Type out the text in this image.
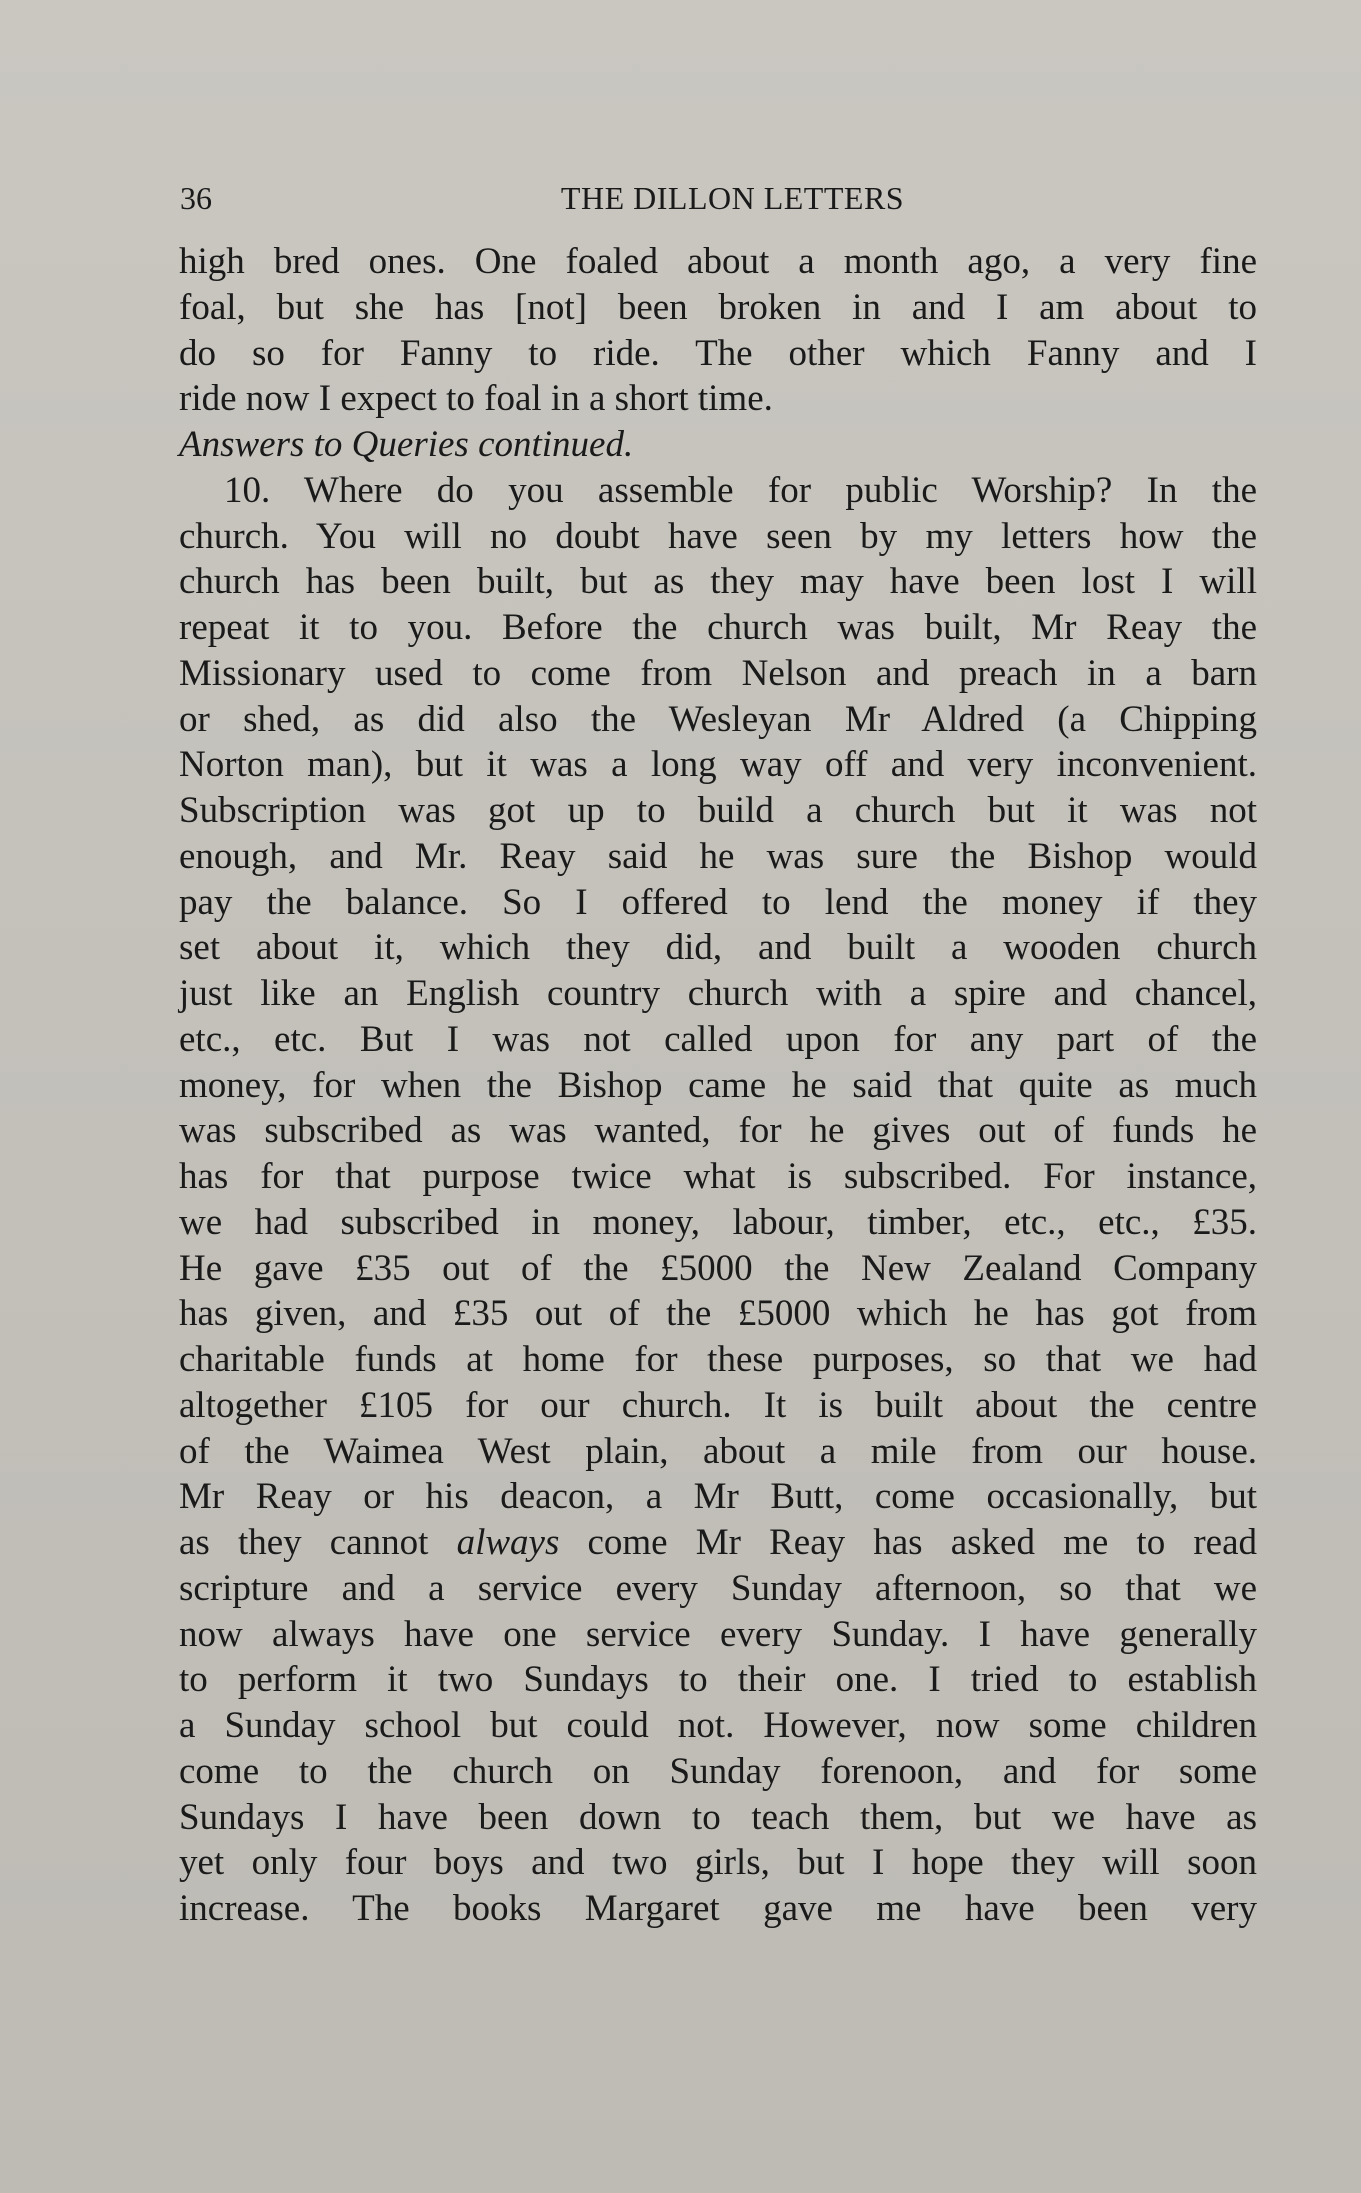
36	THE DILLON LETTERS
high bred ones. One foaled about a month ago, a very fine
foal, but she has [not] been broken in and I am about to
do so for Fanny to ride. The other which Fanny and I
ride now I expect to foal in a short time.
Answers to Queries continued.
10. Where do you assemble for public Worship? In the
church. You will no doubt have seen by my letters how the
church has been built, but as they may have been lost I will
repeat it to you. Before the church was built, Mr Reay the
Missionary used to come from Nelson and preach in a barn
or shed, as did also the Wesleyan Mr Aldred (a Chipping
Norton man), but it was a long way off and very inconvenient.
Subscription was got up to build a church but it was not
enough, and Mr. Reay said he was sure the Bishop would
pay the balance. So I offered to lend the money if they
set about it, which they did, and built a wooden church
just like an English country church with a spire and chancel,
etc., etc. But I was not called upon for any part of the
money, for when the Bishop came he said that quite as much
was subscribed as was wanted, for he gives out of funds he
has for that purpose twice what is subscribed. For instance,
we had subscribed in money, labour, timber, etc., etc., £35.
He gave £35 out of the £5000 the New Zealand Company
has given, and £35 out of the £5000 which he has got from
charitable funds at home for these purposes, so that we had
altogether £105 for our church. It is built about the centre
of the Waimea West plain, about a mile from our house.
Mr Reay or his deacon, a Mr Butt, come occasionally, but
as they cannot always come Mr Reay has asked me to read
scripture and a service every Sunday afternoon, so that we
now always have one service every Sunday. I have generally
to perform it two Sundays to their one. I tried to establish
a Sunday school but could not. However, now some children
come to the church on Sunday forenoon, and for some
Sundays I have been down to teach them, but we have as
yet only four boys and two girls, but I hope they will soon
increase. The books Margaret gave me have been very
